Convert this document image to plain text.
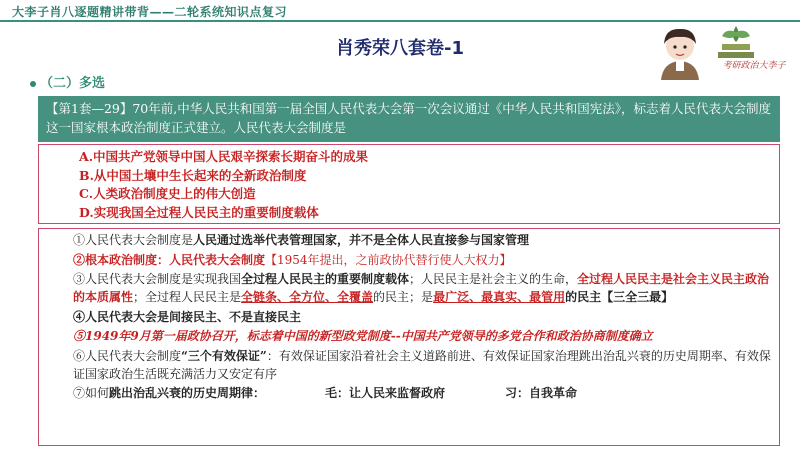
大李子肖八逐题精讲带背——二轮系统知识点复习
肖秀荣八套卷-1
考研政治大李子
（二）多选
【第1套—29】70年前,中华人民共和国第一届全国人民代表大会第一次会议通过《中华人民共和国宪法》，标志着人民代表大会制度这一国家根本政治制度正式建立。人民代表大会制度是
A.中国共产党领导中国人民艰辛探索长期奋斗的成果
B.从中国土壤中生长起来的全新政治制度
C.人类政治制度史上的伟大创造
D.实现我国全过程人民民主的重要制度载体
①人民代表大会制度是人民通过选举代表管理国家，并不是全体人民直接参与国家管理
②根本政治制度：人民代表大会制度【1954年提出，之前政协代替行使人大权力】
③人民代表大会制度是实现我国全过程人民民主的重要制度载体；人民民主是社会主义的生命，全过程人民民主是社会主义民主政治的本质属性；全过程人民民主是全链条、全方位、全覆盖的民主；是最广泛、最真实、最管用的民主【三全三最】
④人民代表大会是间接民主、不是直接民主
⑤1949年9月第一届政协召开，标志着中国的新型政党制度--中国共产党领导的多党合作和政治协商制度确立
⑥人民代表大会制度“三个有效保证”：有效保证国家沿着社会主义道路前进、有效保证国家治理跳出治乱兴衰的历史周期率、有效保证国家政治生活既充满活力又安定有序
⑦如何跳出治乱兴衰的历史周期律：	毛：让人民来监督政府	习：自我革命
